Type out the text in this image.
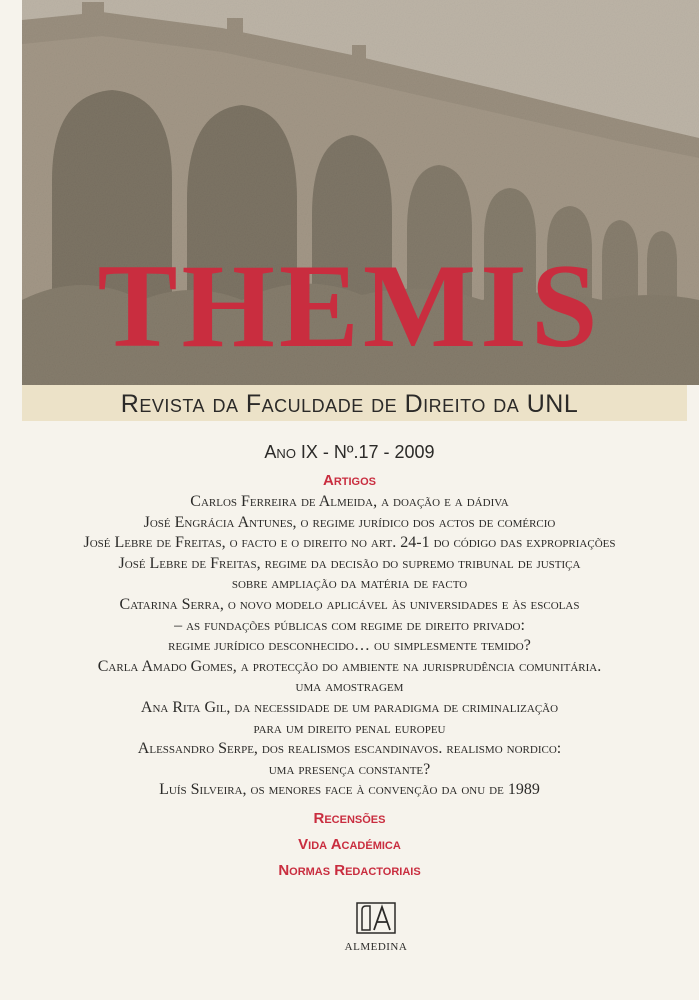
THEMIS
Revista da Faculdade de Direito da UNL
Ano IX - Nº.17 - 2009
Artigos
Carlos Ferreira de Almeida, a doação e a dádiva
José Engrácia Antunes, o regime jurídico dos actos de comércio
José Lebre de Freitas, o facto e o direito no art. 24-1 do código das expropriações
José Lebre de Freitas, regime da decisão do supremo tribunal de justiça
sobre ampliação da matéria de facto
Catarina Serra, o novo modelo aplicável às universidades e às escolas
– as fundações públicas com regime de direito privado:
regime jurídico desconhecido… ou simplesmente temido?
Carla Amado Gomes, a protecção do ambiente na jurisprudência comunitária.
uma amostragem
Ana Rita Gil, da necessidade de um paradigma de criminalização
para um direito penal europeu
Alessandro Serpe, dos realismos escandinavos. realismo nordico:
uma presença constante?
Luís Silveira, os menores face à convenção da onu de 1989
Recensões
Vida Académica
Normas Redactoriais
ALMEDINA
